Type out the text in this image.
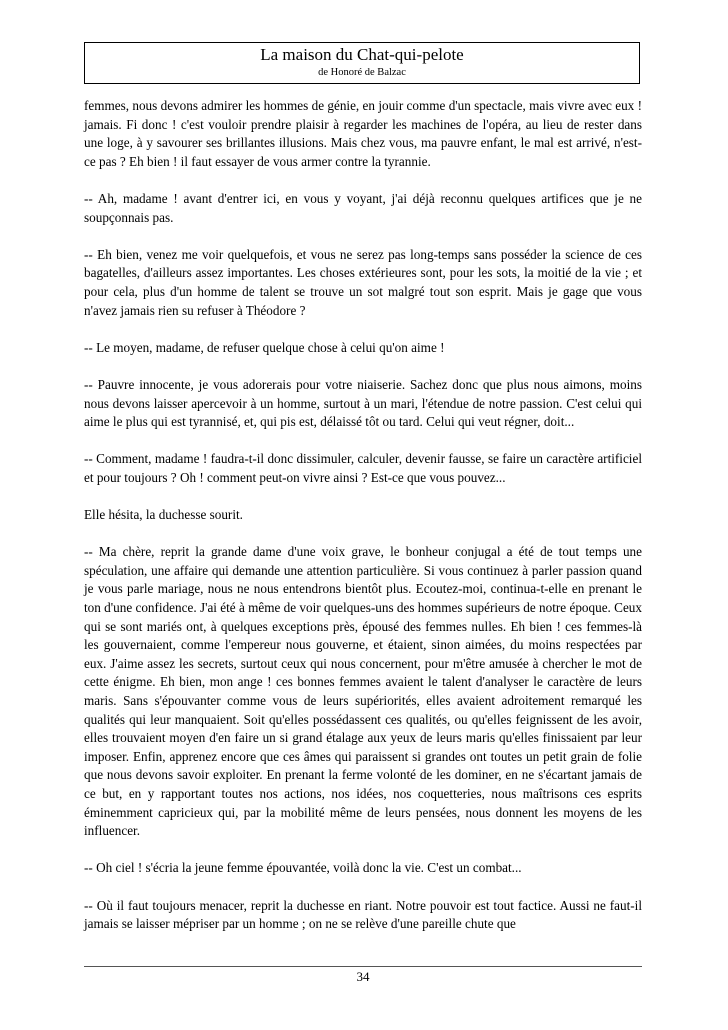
La maison du Chat-qui-pelote
de Honoré de Balzac

femmes, nous devons admirer les hommes de génie, en jouir comme d'un spectacle, mais vivre avec eux ! jamais. Fi donc ! c'est vouloir prendre plaisir à regarder les machines de l'opéra, au lieu de rester dans une loge, à y savourer ses brillantes illusions. Mais chez vous, ma pauvre enfant, le mal est arrivé, n'est-ce pas ? Eh bien ! il faut essayer de vous armer contre la tyrannie.

-- Ah, madame ! avant d'entrer ici, en vous y voyant, j'ai déjà reconnu quelques artifices que je ne soupçonnais pas.

-- Eh bien, venez me voir quelquefois, et vous ne serez pas long-temps sans posséder la science de ces bagatelles, d'ailleurs assez importantes. Les choses extérieures sont, pour les sots, la moitié de la vie ; et pour cela, plus d'un homme de talent se trouve un sot malgré tout son esprit. Mais je gage que vous n'avez jamais rien su refuser à Théodore ?

-- Le moyen, madame, de refuser quelque chose à celui qu'on aime !

-- Pauvre innocente, je vous adorerais pour votre niaiserie. Sachez donc que plus nous aimons, moins nous devons laisser apercevoir à un homme, surtout à un mari, l'étendue de notre passion. C'est celui qui aime le plus qui est tyrannisé, et, qui pis est, délaissé tôt ou tard. Celui qui veut régner, doit...

-- Comment, madame ! faudra-t-il donc dissimuler, calculer, devenir fausse, se faire un caractère artificiel et pour toujours ? Oh ! comment peut-on vivre ainsi ? Est-ce que vous pouvez...

Elle hésita, la duchesse sourit.

-- Ma chère, reprit la grande dame d'une voix grave, le bonheur conjugal a été de tout temps une spéculation, une affaire qui demande une attention particulière. Si vous continuez à parler passion quand je vous parle mariage, nous ne nous entendrons bientôt plus. Ecoutez-moi, continua-t-elle en prenant le ton d'une confidence. J'ai été à même de voir quelques-uns des hommes supérieurs de notre époque. Ceux qui se sont mariés ont, à quelques exceptions près, épousé des femmes nulles. Eh bien ! ces femmes-là les gouvernaient, comme l'empereur nous gouverne, et étaient, sinon aimées, du moins respectées par eux. J'aime assez les secrets, surtout ceux qui nous concernent, pour m'être amusée à chercher le mot de cette énigme. Eh bien, mon ange ! ces bonnes femmes avaient le talent d'analyser le caractère de leurs maris. Sans s'épouvanter comme vous de leurs supériorités, elles avaient adroitement remarqué les qualités qui leur manquaient. Soit qu'elles possédassent ces qualités, ou qu'elles feignissent de les avoir, elles trouvaient moyen d'en faire un si grand étalage aux yeux de leurs maris qu'elles finissaient par leur imposer. Enfin, apprenez encore que ces âmes qui paraissent si grandes ont toutes un petit grain de folie que nous devons savoir exploiter. En prenant la ferme volonté de les dominer, en ne s'écartant jamais de ce but, en y rapportant toutes nos actions, nos idées, nos coquetteries, nous maîtrisons ces esprits éminemment capricieux qui, par la mobilité même de leurs pensées, nous donnent les moyens de les influencer.

-- Oh ciel ! s'écria la jeune femme épouvantée, voilà donc la vie. C'est un combat...

-- Où il faut toujours menacer, reprit la duchesse en riant. Notre pouvoir est tout factice. Aussi ne faut-il jamais se laisser mépriser par un homme ; on ne se relève d'une pareille chute que

34
